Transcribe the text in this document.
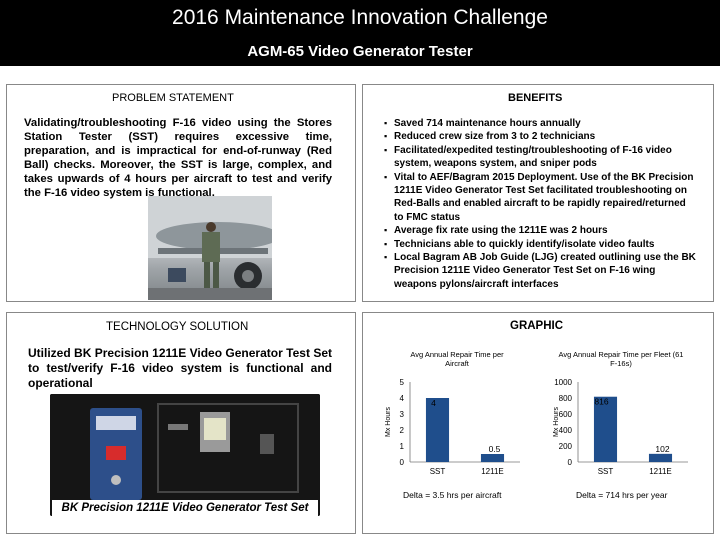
2016 Maintenance Innovation Challenge
AGM-65 Video Generator Tester
PROBLEM STATEMENT
Validating/troubleshooting F-16 video using the Stores Station Tester (SST) requires excessive time, preparation, and is impractical for end-of-runway (Red Ball) checks. Moreover, the SST is large, complex, and takes upwards of 4 hours per aircraft to test and verify the F-16 video system is functional.
BENEFITS
▪ Saved 714 maintenance hours annually
▪ Reduced crew size from 3 to 2 technicians
▪ Facilitated/expedited testing/troubleshooting of F-16 video system, weapons system, and sniper pods
▪ Vital to AEF/Bagram 2015 Deployment. Use of the BK Precision 1211E Video Generator Test Set facilitated troubleshooting on Red-Balls and enabled aircraft to be rapidly repaired/returned to FMC status
▪ Average fix rate using the 1211E was 2 hours
▪ Technicians able to quickly identify/isolate video faults
▪ Local Bagram AB Job Guide (LJG) created outlining use the BK Precision 1211E Video Generator Test Set on F-16 wing weapons pylons/aircraft interfaces
TECHNOLOGY SOLUTION
Utilized BK Precision 1211E Video Generator Test Set to test/verify F-16 video system is functional and operational
BK Precision 1211E Video Generator Test Set
GRAPHIC
Avg Annual Repair Time per Aircraft
Avg Annual Repair Time per Fleet (61 F-16s)
Mx Hours
0
1
2
3
4
5
4
SST
0.5
1211E
Mx Hours
0
200
400
600
800
1000
816
SST
102
1211E
Delta = 3.5 hrs per aircraft	Delta = 714 hrs per year
